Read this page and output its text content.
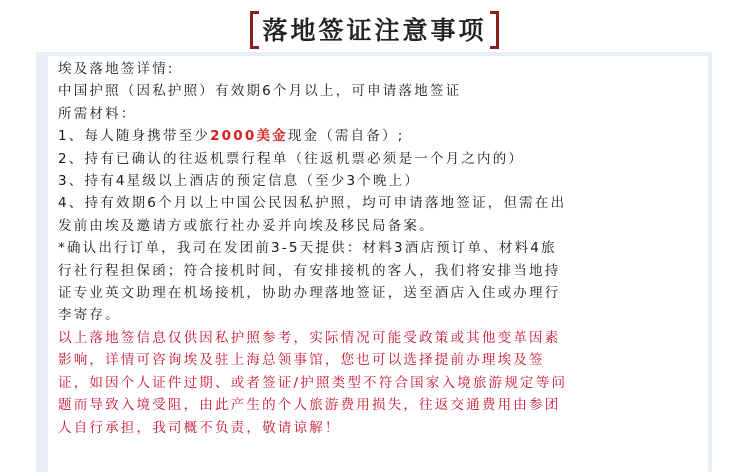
落地签证注意事项
埃及落地签详情:
中国护照（因私护照）有效期6个月以上，可申请落地签证
所需材料：
1、每人随身携带至少2000美金现金（需自备）;
2、持有已确认的往返机票行程单（往返机票必须是一个月之内的）
3、持有4星级以上酒店的预定信息（至少3个晚上）
4、持有效期6个月以上中国公民因私护照，均可申请落地签证，但需在出
发前由埃及邀请方或旅行社办妥并向埃及移民局备案。
*确认出行订单，我司在发团前3-5天提供：材料3酒店预订单、材料4旅
行社行程担保函；符合接机时间，有安排接机的客人，我们将安排当地持
证专业英文助理在机场接机，协助办理落地签证，送至酒店入住或办理行
李寄存。
以上落地签信息仅供因私护照参考，实际情况可能受政策或其他变革因素
影响，详情可咨询埃及驻上海总领事馆，您也可以选择提前办理埃及签
证，如因个人证件过期、或者签证/护照类型不符合国家入境旅游规定等问
题而导致入境受阻，由此产生的个人旅游费用损失，往返交通费用由参团
人自行承担，我司概不负责，敬请谅解！
